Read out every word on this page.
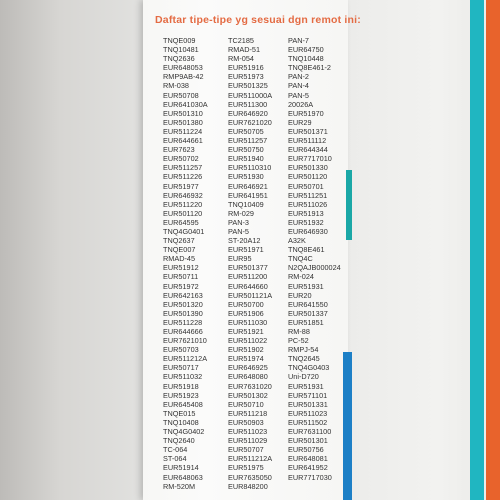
Daftar tipe-tipe yg sesuai dgn remot ini:
TNQE009	TC2185	PAN-7
TNQ10481	RMAD-51	EUR64750
TNQ2636	RM-054	TNQ10448
EUR648053	EUR51916	TNQ8E461-2
RMP9AB-42	EUR51973	PAN-2
RM-038	EUR501325	PAN-4
EUR50708	EUR511000A	PAN-5
EUR641030A	EUR511300	20026A
EUR501310	EUR646920	EUR51970
EUR501380	EUR7621020	EUR29
EUR511224	EUR50705	EUR501371
EUR644661	EUR511257	EUR511112
EUR7623	EUR50750	EUR644344
EUR50702	EUR51940	EUR7717010
EUR511257	EUR5110310	EUR501330
EUR511226	EUR51930	EUR501120
EUR51977	EUR646921	EUR50701
EUR646932	EUR641951	EUR511251
EUR511220	TNQ10409	EUR511026
EUR501120	RM-029	EUR51913
EUR64595	PAN-3	EUR51932
TNQ4G0401	PAN-5	EUR646930
TNQ2637	ST-20A12	A32K
TNQE007	EUR51971	TNQ8E461
RMAD-45	EUR95	TNQ4C
EUR51912	EUR501377	N2QAJB000024
EUR50711	EUR511200	RM-024
EUR51972	EUR644660	EUR51931
EUR642163	EUR501121A	EUR20
EUR501320	EUR50700	EUR641550
EUR501390	EUR51906	EUR501337
EUR511228	EUR511030	EUR51851
EUR644666	EUR51921	RM-88
EUR7621010	EUR511022	PC-52
EUR50703	EUR51902	RMPJ-54
EUR511212A	EUR51974	TNQ2645
EUR50717	EUR646925	TNQ4G0403
EUR511032	EUR648080	Uni-D720
EUR51918	EUR7631020	EUR51931
EUR51923	EUR501302	EUR571101
EUR645408	EUR50710	EUR501331
TNQE015	EUR511218	EUR511023
TNQ10408	EUR50903	EUR511502
TNQ4G0402	EUR511023	EUR7631100
TNQ2640	EUR511029	EUR501301
TC-064	EUR50707	EUR50756
ST-064	EUR511212A	EUR648081
EUR51914	EUR51975	EUR641952
EUR648063	EUR7635050	EUR7717030
RM-520M	EUR848200
